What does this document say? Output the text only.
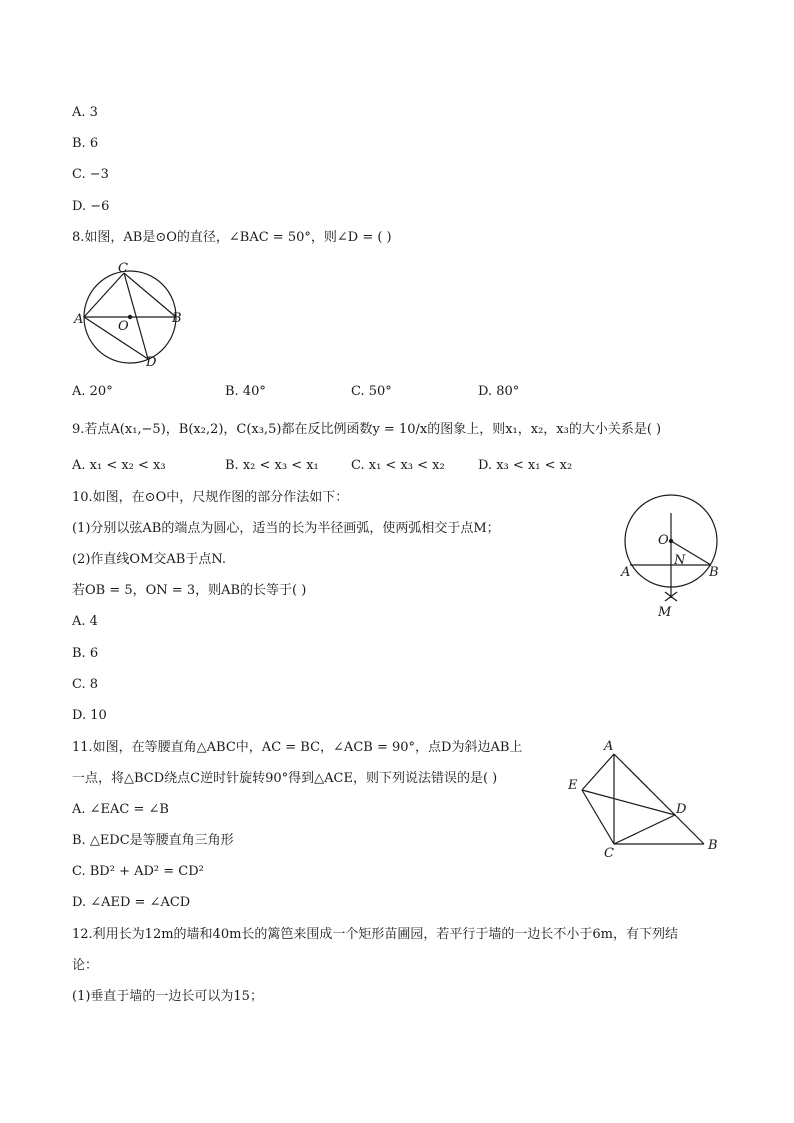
A. 3
B. 6
C. −3
D. −6
8.如图，AB是⊙O的直径，∠BAC = 50°，则∠D = ( )
C
A	O
B
D
A. 20°	B. 40°	C. 50°	D. 80°
9.若点A(x₁,−5)，B(x₂,2)，C(x₃,5)都在反比例函数y = 10/x的图象上，则x₁，x₂，x₃的大小关系是( )
A. x₁ < x₂ < x₃	B. x₂ < x₃ < x₁ C. x₁ < x₃ < x₂	D. x₃ < x₁ < x₂
10.如图，在⊙O中，尺规作图的部分作法如下：
(1)分别以弦AB的端点为圆心，适当的长为半径画弧，使两弧相交于点M；
(2)作直线OM交AB于点N.
若OB = 5，ON = 3，则AB的长等于( )
A. 4
B. 6
C. 8
D. 10
O
N
A	B
M
11.如图，在等腰直角△ABC中，AC = BC，∠ACB = 90°，点D为斜边AB上
一点，将△BCD绕点C逆时针旋转90°得到△ACE，则下列说法错误的是( )
A. ∠EAC = ∠B
B. △EDC是等腰直角三角形
C. BD² + AD² = CD²
D. ∠AED = ∠ACD
A
E
D
C
B
12.利用长为12m的墙和40m长的篱笆来围成一个矩形苗圃园，若平行于墙的一边长不小于6m，有下列结
论：
(1)垂直于墙的一边长可以为15；
